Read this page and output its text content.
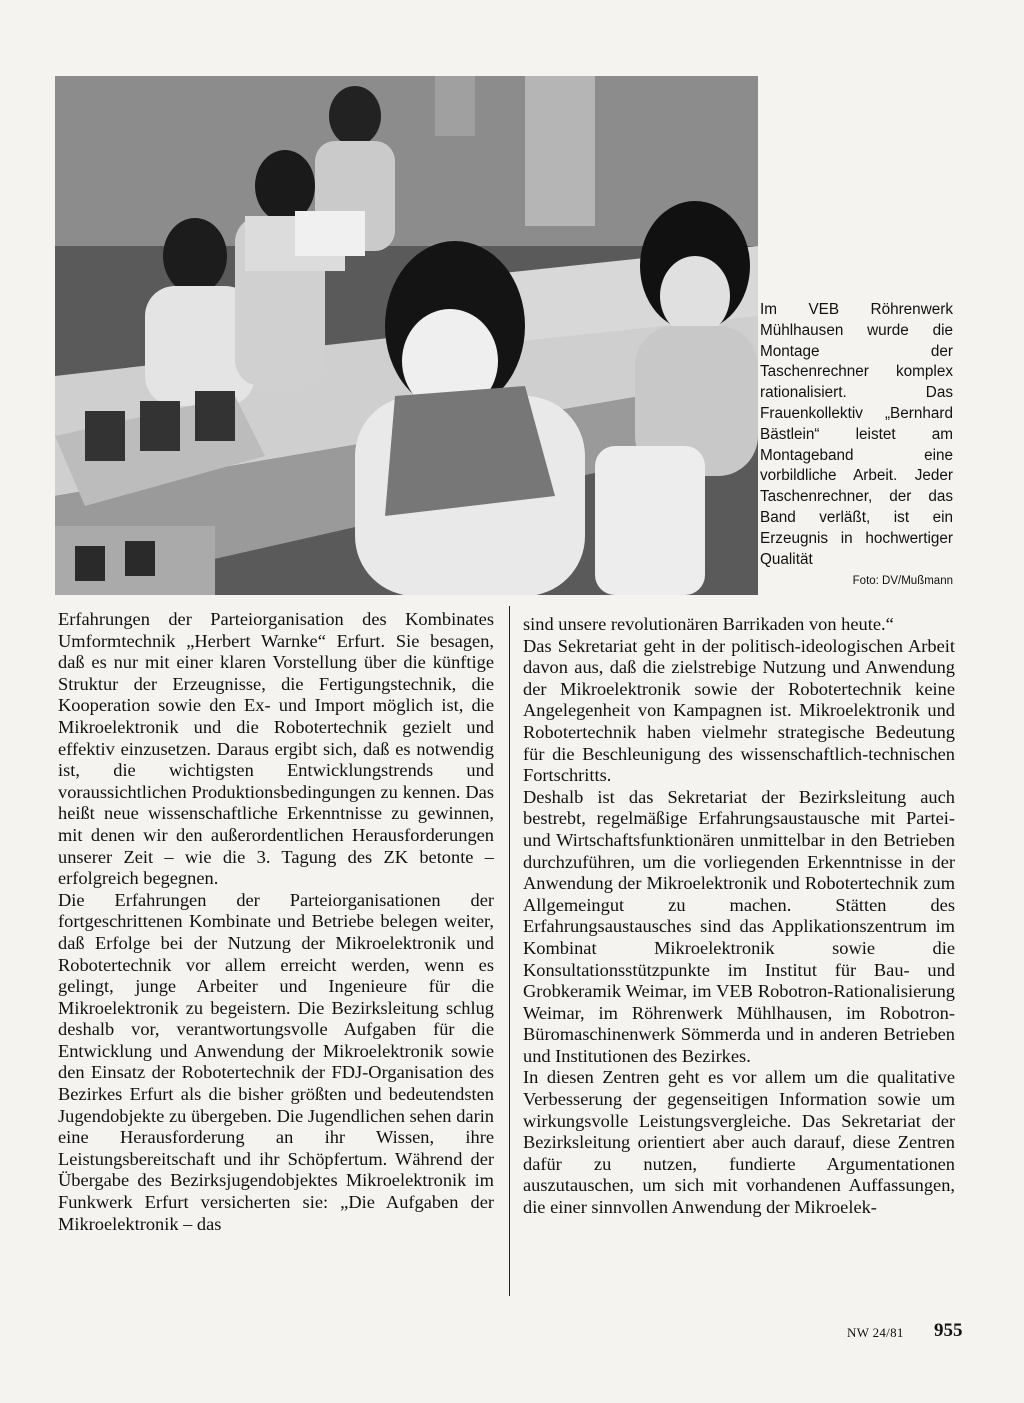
Im VEB Röhrenwerk Mühlhausen wurde die Montage der Taschenrechner komplex rationalisiert. Das Frauenkollektiv „Bernhard Bästlein“ leistet am Montageband eine vorbildliche Arbeit. Jeder Taschenrechner, der das Band verläßt, ist ein Erzeugnis in hochwertiger Qualität

Foto: DV/Mußmann

Erfahrungen der Parteiorganisation des Kombinates Umformtechnik „Herbert Warnke“ Erfurt. Sie besagen, daß es nur mit einer klaren Vorstellung über die künftige Struktur der Erzeugnisse, die Fertigungstechnik, die Kooperation sowie den Ex- und Import möglich ist, die Mikroelektronik und die Robotertechnik gezielt und effektiv einzusetzen. Daraus ergibt sich, daß es notwendig ist, die wichtigsten Entwicklungstrends und voraussichtlichen Produktionsbedingungen zu kennen. Das heißt neue wissenschaftliche Erkenntnisse zu gewinnen, mit denen wir den außerordentlichen Herausforderungen unserer Zeit – wie die 3. Tagung des ZK betonte – erfolgreich begegnen.

Die Erfahrungen der Parteiorganisationen der fortgeschrittenen Kombinate und Betriebe belegen weiter, daß Erfolge bei der Nutzung der Mikroelektronik und Robotertechnik vor allem erreicht werden, wenn es gelingt, junge Arbeiter und Ingenieure für die Mikroelektronik zu begeistern. Die Bezirksleitung schlug deshalb vor, verantwortungsvolle Aufgaben für die Entwicklung und Anwendung der Mikroelektronik sowie den Einsatz der Robotertechnik der FDJ-Organisation des Bezirkes Erfurt als die bisher größten und bedeutendsten Jugendobjekte zu übergeben. Die Jugendlichen sehen darin eine Herausforderung an ihr Wissen, ihre Leistungsbereitschaft und ihr Schöpfertum. Während der Übergabe des Bezirksjugendobjektes Mikroelektronik im Funkwerk Erfurt versicherten sie: „Die Aufgaben der Mikroelektronik – das

sind unsere revolutionären Barrikaden von heute.“

Das Sekretariat geht in der politisch-ideologischen Arbeit davon aus, daß die zielstrebige Nutzung und Anwendung der Mikroelektronik sowie der Robotertechnik keine Angelegenheit von Kampagnen ist. Mikroelektronik und Robotertechnik haben vielmehr strategische Bedeutung für die Beschleunigung des wissenschaftlich-technischen Fortschritts.

Deshalb ist das Sekretariat der Bezirksleitung auch bestrebt, regelmäßige Erfahrungsaustausche mit Partei- und Wirtschaftsfunktionären unmittelbar in den Betrieben durchzuführen, um die vorliegenden Erkenntnisse in der Anwendung der Mikroelektronik und Robotertechnik zum Allgemeingut zu machen. Stätten des Erfahrungsaustausches sind das Applikationszentrum im Kombinat Mikroelektronik sowie die Konsultationsstützpunkte im Institut für Bau- und Grobkeramik Weimar, im VEB Robotron-Rationalisierung Weimar, im Röhrenwerk Mühlhausen, im Robotron-Büromaschinenwerk Sömmerda und in anderen Betrieben und Institutionen des Bezirkes.

In diesen Zentren geht es vor allem um die qualitative Verbesserung der gegenseitigen Information sowie um wirkungsvolle Leistungsvergleiche. Das Sekretariat der Bezirksleitung orientiert aber auch darauf, diese Zentren dafür zu nutzen, fundierte Argumentationen auszutauschen, um sich mit vorhandenen Auffassungen, die einer sinnvollen Anwendung der Mikroelek-

NW 24/81 955
